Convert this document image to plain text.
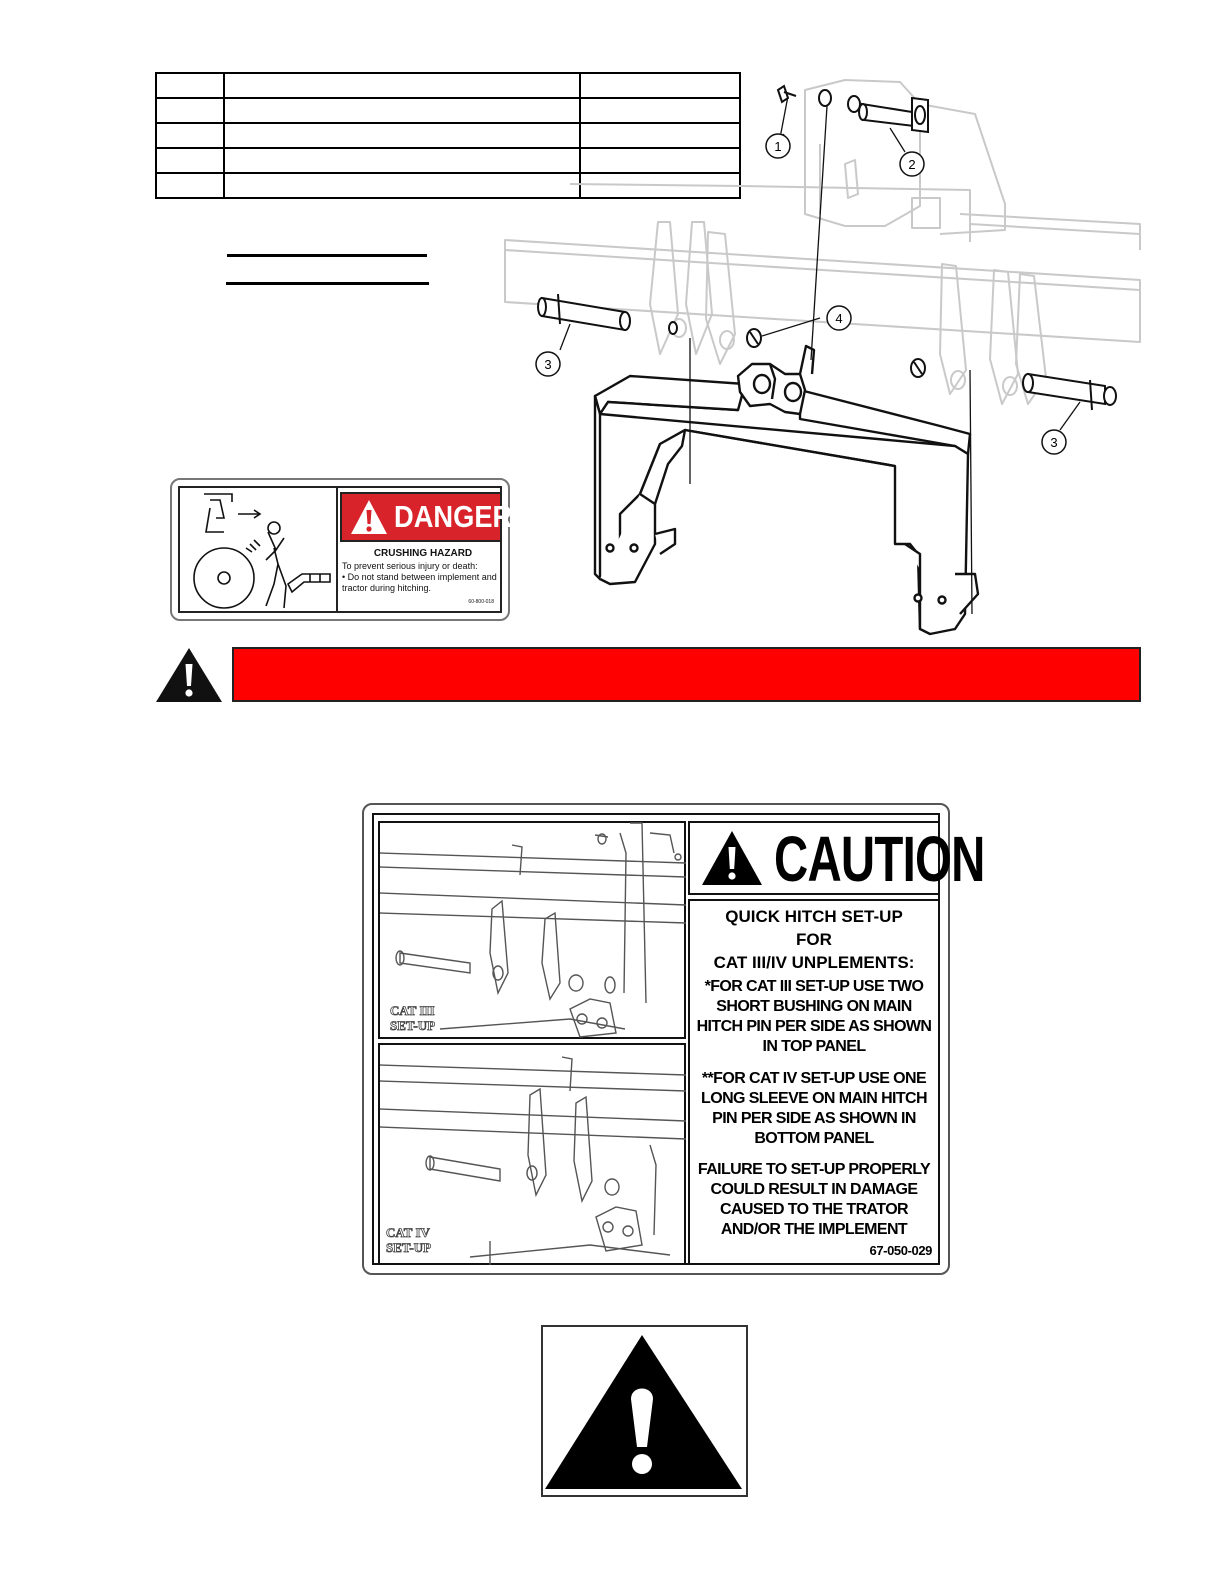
1
2
3
4
3
DANGER
CRUSHING HAZARD
To prevent serious injury or death:
• Do not stand between implement and
tractor during hitching.
60-800-018
CAT III
SET-UP
CAT IV
SET-UP
CAUTION
QUICK HITCH SET-UP
FOR
CAT III/IV UNPLEMENTS:
*FOR CAT III SET-UP USE TWO
SHORT BUSHING ON MAIN
HITCH PIN PER SIDE AS SHOWN
IN TOP PANEL
**FOR CAT IV SET-UP USE ONE
LONG SLEEVE ON MAIN HITCH
PIN PER SIDE AS SHOWN IN
BOTTOM PANEL
FAILURE TO SET-UP PROPERLY
COULD RESULT IN DAMAGE
CAUSED TO THE TRATOR
AND/OR THE IMPLEMENT
67-050-029
